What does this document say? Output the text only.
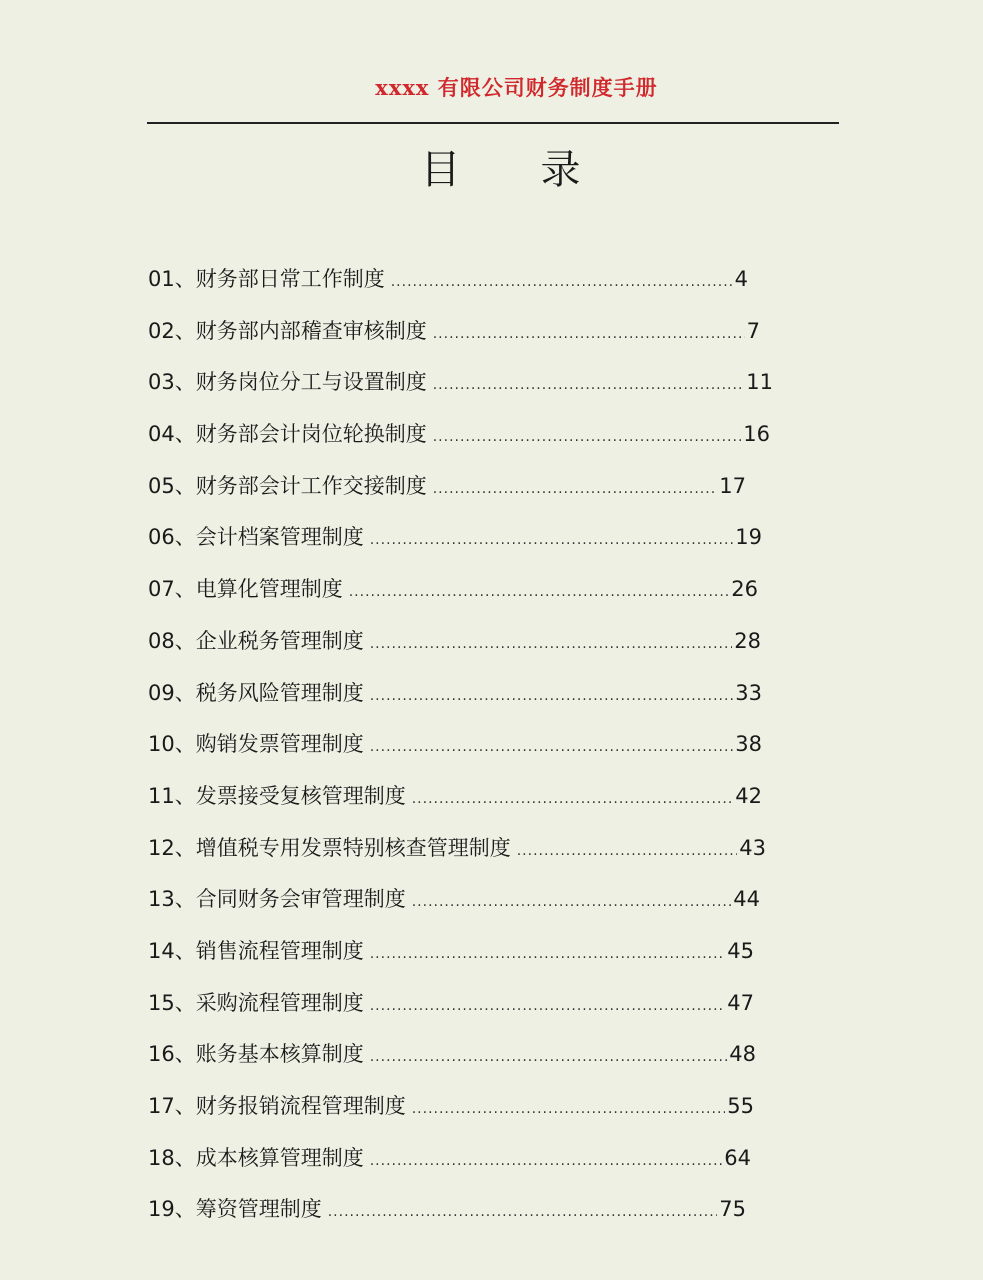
xxxx 有限公司财务制度手册
目 录
01、 财务部日常工作制度 .....	4
02、 财务部内部稽查审核制度 .....	7
03、 财务岗位分工与设置制度 .....	11
04、 财务部会计岗位轮换制度 .....	16
05、 财务部会计工作交接制度 .....	17
06、 会计档案管理制度 .....	19
07、 电算化管理制度 .....	26
08、 企业税务管理制度 .....	28
09、 税务风险管理制度 .....	33
10、 购销发票管理制度 .....	38
11、 发票接受复核管理制度 .....	42
12、 增值税专用发票特别核查管理制度 .....	43
13、 合同财务会审管理制度 .....	44
14、 销售流程管理制度 .....	45
15、 采购流程管理制度 .....	47
16、 账务基本核算制度 .....	48
17、 财务报销流程管理制度 .....	55
18、 成本核算管理制度 .....	64
19、 筹资管理制度 .....	75
